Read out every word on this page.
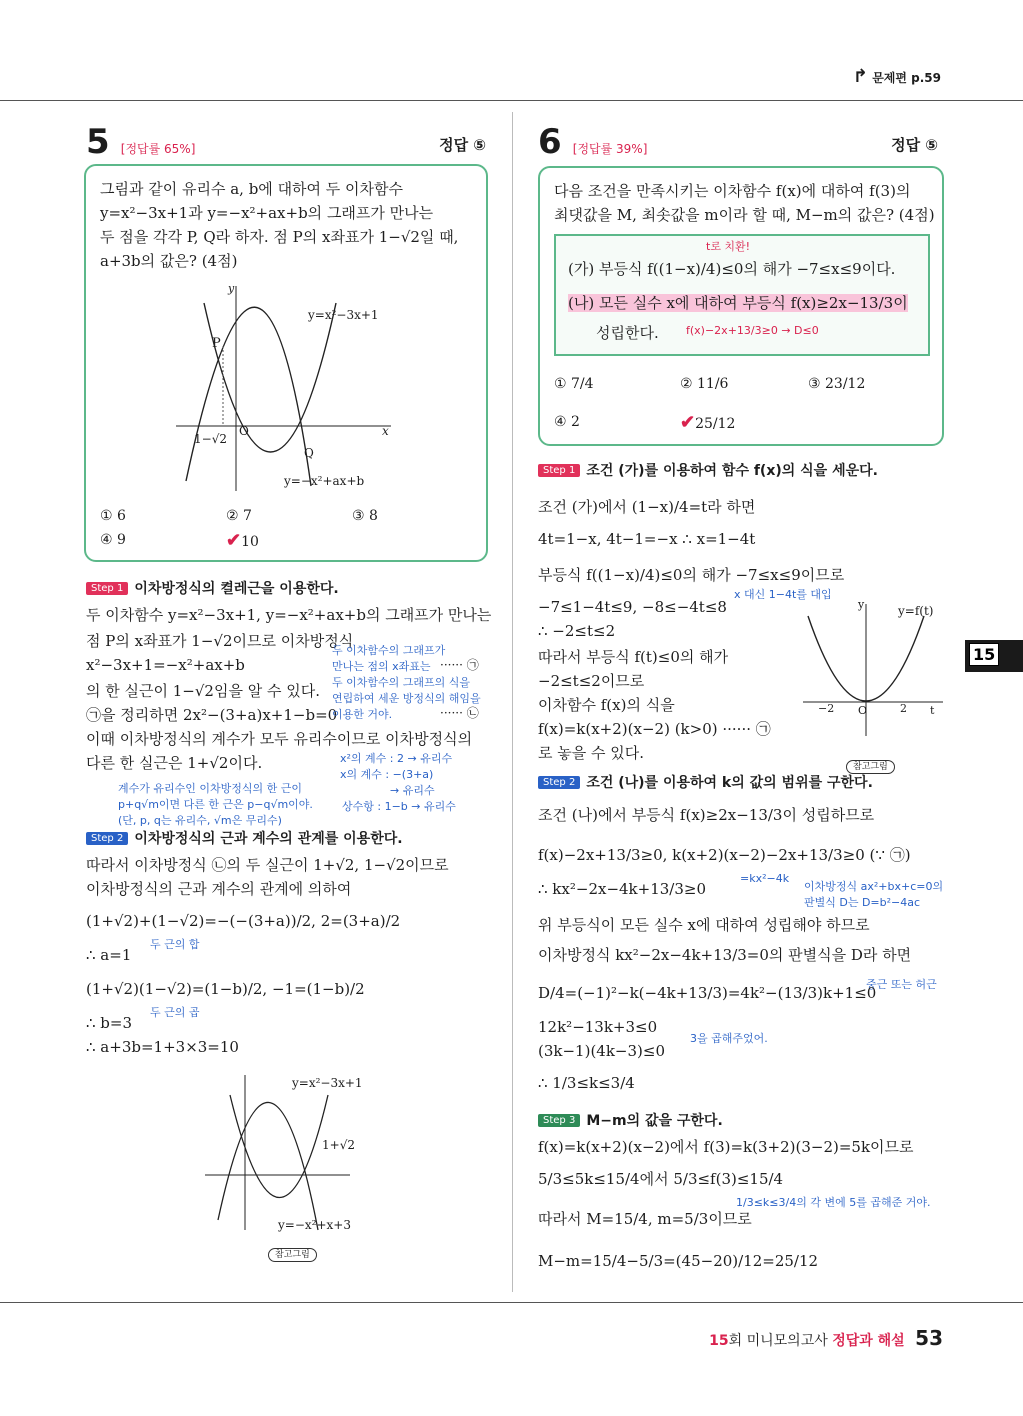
↱ 문제편 p.59
5 [정답률 65%]	정답 ⑤
그림과 같이 유리수 a, b에 대하여 두 이차함수
y=x²−3x+1과 y=−x²+ax+b의 그래프가 만나는
두 점을 각각 P, Q라 하자. 점 P의 x좌표가 1−√2일 때,
a+3b의 값은? (4점)
y
y=x²−3x+1
P
O	x
1−√2
Q
y=−x²+ax+b
① 6	② 7	③ 8
④ 9	✔10
Step 1 이차방정식의 켤레근을 이용한다.
두 이차함수 y=x²−3x+1, y=−x²+ax+b의 그래프가 만나는
점 P의 x좌표가 1−√2이므로 이차방정식
x²−3x+1=−x²+ax+b
의 한 실근이 1−√2임을 알 수 있다.
㉠을 정리하면 2x²−(3+a)x+1−b=0
이때 이차방정식의 계수가 모두 유리수이므로 이차방정식의
다른 한 실근은 1+√2이다.
······ ㉠
······ ㉡
두 이차함수의 그래프가
만나는 점의 x좌표는
두 이차함수의 그래프의 식을
연립하여 세운 방정식의 해임을
이용한 거야.
x²의 계수 : 2 → 유리수
x의 계수 : −(3+a)
→ 유리수
상수항 : 1−b → 유리수
계수가 유리수인 이차방정식의 한 근이
p+q√m이면 다른 한 근은 p−q√m이야.
(단, p, q는 유리수, √m은 무리수)
Step 2 이차방정식의 근과 계수의 관계를 이용한다.
따라서 이차방정식 ㉡의 두 실근이 1+√2, 1−√2이므로
이차방정식의 근과 계수의 관계에 의하여
(1+√2)+(1−√2)=−(−(3+a))/2, 2=(3+a)/2
두 근의 합
∴ a=1
(1+√2)(1−√2)=(1−b)/2, −1=(1−b)/2
두 근의 곱
∴ b=3
∴ a+3b=1+3×3=10
y=x²−3x+1
1+√2
y=−x²+x+3
참고그림
6 [정답률 39%]	정답 ⑤
다음 조건을 만족시키는 이차함수 f(x)에 대하여 f(3)의
최댓값을 M, 최솟값을 m이라 할 때, M−m의 값은? (4점)
t로 치환!
(가) 부등식 f((1−x)/4)≤0의 해가 −7≤x≤9이다.
(나) 모든 실수 x에 대하여 부등식 f(x)≥2x−13/3이
성립한다. f(x)−2x+13/3≥0 → D≤0
① 7/4	② 11/6	③ 23/12
④ 2	✔25/12
Step 1 조건 (가)를 이용하여 함수 f(x)의 식을 세운다.
조건 (가)에서 (1−x)/4=t라 하면
4t=1−x, 4t−1=−x ∴ x=1−4t
부등식 f((1−x)/4)≤0의 해가 −7≤x≤9이므로
x 대신 1−4t를 대입
−7≤1−4t≤9, −8≤−4t≤8
∴ −2≤t≤2
따라서 부등식 f(t)≤0의 해가
−2≤t≤2이므로
이차함수 f(x)의 식을
f(x)=k(x+2)(x−2) (k>0) ······ ㉠
로 놓을 수 있다.
y	y=f(t)
−2 O	2 t
참고그림
Step 2 조건 (나)를 이용하여 k의 값의 범위를 구한다.
조건 (나)에서 부등식 f(x)≥2x−13/3이 성립하므로
f(x)−2x+13/3≥0, k(x+2)(x−2)−2x+13/3≥0 (∵ ㉠)
=kx²−4k
∴ kx²−2x−4k+13/3≥0	이차방정식 ax²+bx+c=0의
판별식 D는 D=b²−4ac
위 부등식이 모든 실수 x에 대하여 성립해야 하므로
이차방정식 kx²−2x−4k+13/3=0의 판별식을 D라 하면
중근 또는 허근
D/4=(−1)²−k(−4k+13/3)=4k²−(13/3)k+1≤0
12k²−13k+3≤0
3을 곱해주었어.
(3k−1)(4k−3)≤0
∴ 1/3≤k≤3/4
Step 3 M−m의 값을 구한다.
f(x)=k(x+2)(x−2)에서 f(3)=k(3+2)(3−2)=5k이므로
5/3≤5k≤15/4에서 5/3≤f(3)≤15/4
1/3≤k≤3/4의 각 변에 5를 곱해준 거야.
따라서 M=15/4, m=5/3이므로
M−m=15/4−5/3=(45−20)/12=25/12
15
15회 미니모의고사 정답과 해설 53
